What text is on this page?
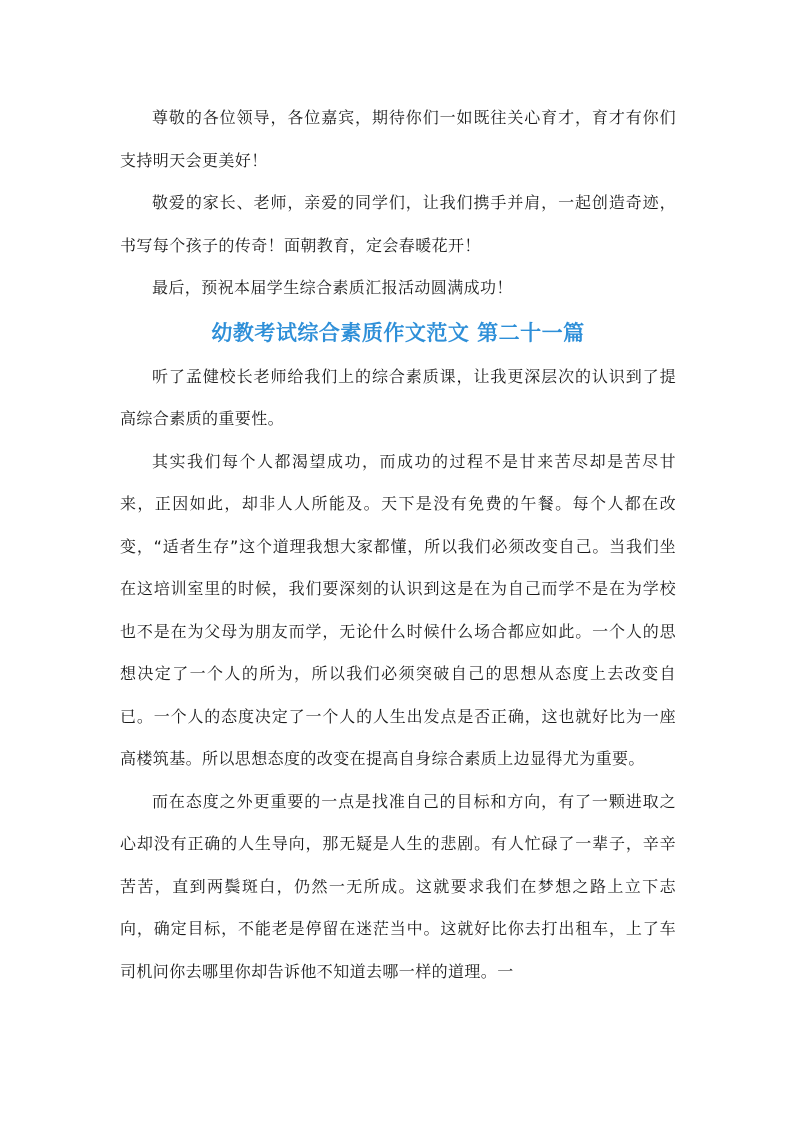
尊敬的各位领导，各位嘉宾，期待你们一如既往关心育才，育才有你们支持明天会更美好！

敬爱的家长、老师，亲爱的同学们，让我们携手并肩，一起创造奇迹，书写每个孩子的传奇！面朝教育，定会春暖花开！

最后，预祝本届学生综合素质汇报活动圆满成功！

幼教考试综合素质作文范文 第二十一篇

听了孟健校长老师给我们上的综合素质课，让我更深层次的认识到了提高综合素质的重要性。

其实我们每个人都渴望成功，而成功的过程不是甘来苦尽却是苦尽甘来，正因如此，却非人人所能及。天下是没有免费的午餐。每个人都在改变，“适者生存”这个道理我想大家都懂，所以我们必须改变自己。当我们坐在这培训室里的时候，我们要深刻的认识到这是在为自己而学不是在为学校也不是在为父母为朋友而学，无论什么时候什么场合都应如此。一个人的思想决定了一个人的所为，所以我们必须突破自己的思想从态度上去改变自已。一个人的态度决定了一个人的人生出发点是否正确，这也就好比为一座高楼筑基。所以思想态度的改变在提高自身综合素质上边显得尤为重要。

而在态度之外更重要的一点是找准自己的目标和方向，有了一颗进取之心却没有正确的人生导向，那无疑是人生的悲剧。有人忙碌了一辈子，辛辛苦苦，直到两鬓斑白，仍然一无所成。这就要求我们在梦想之路上立下志向，确定目标，不能老是停留在迷茫当中。这就好比你去打出租车，上了车司机问你去哪里你却告诉他不知道去哪一样的道理。一
